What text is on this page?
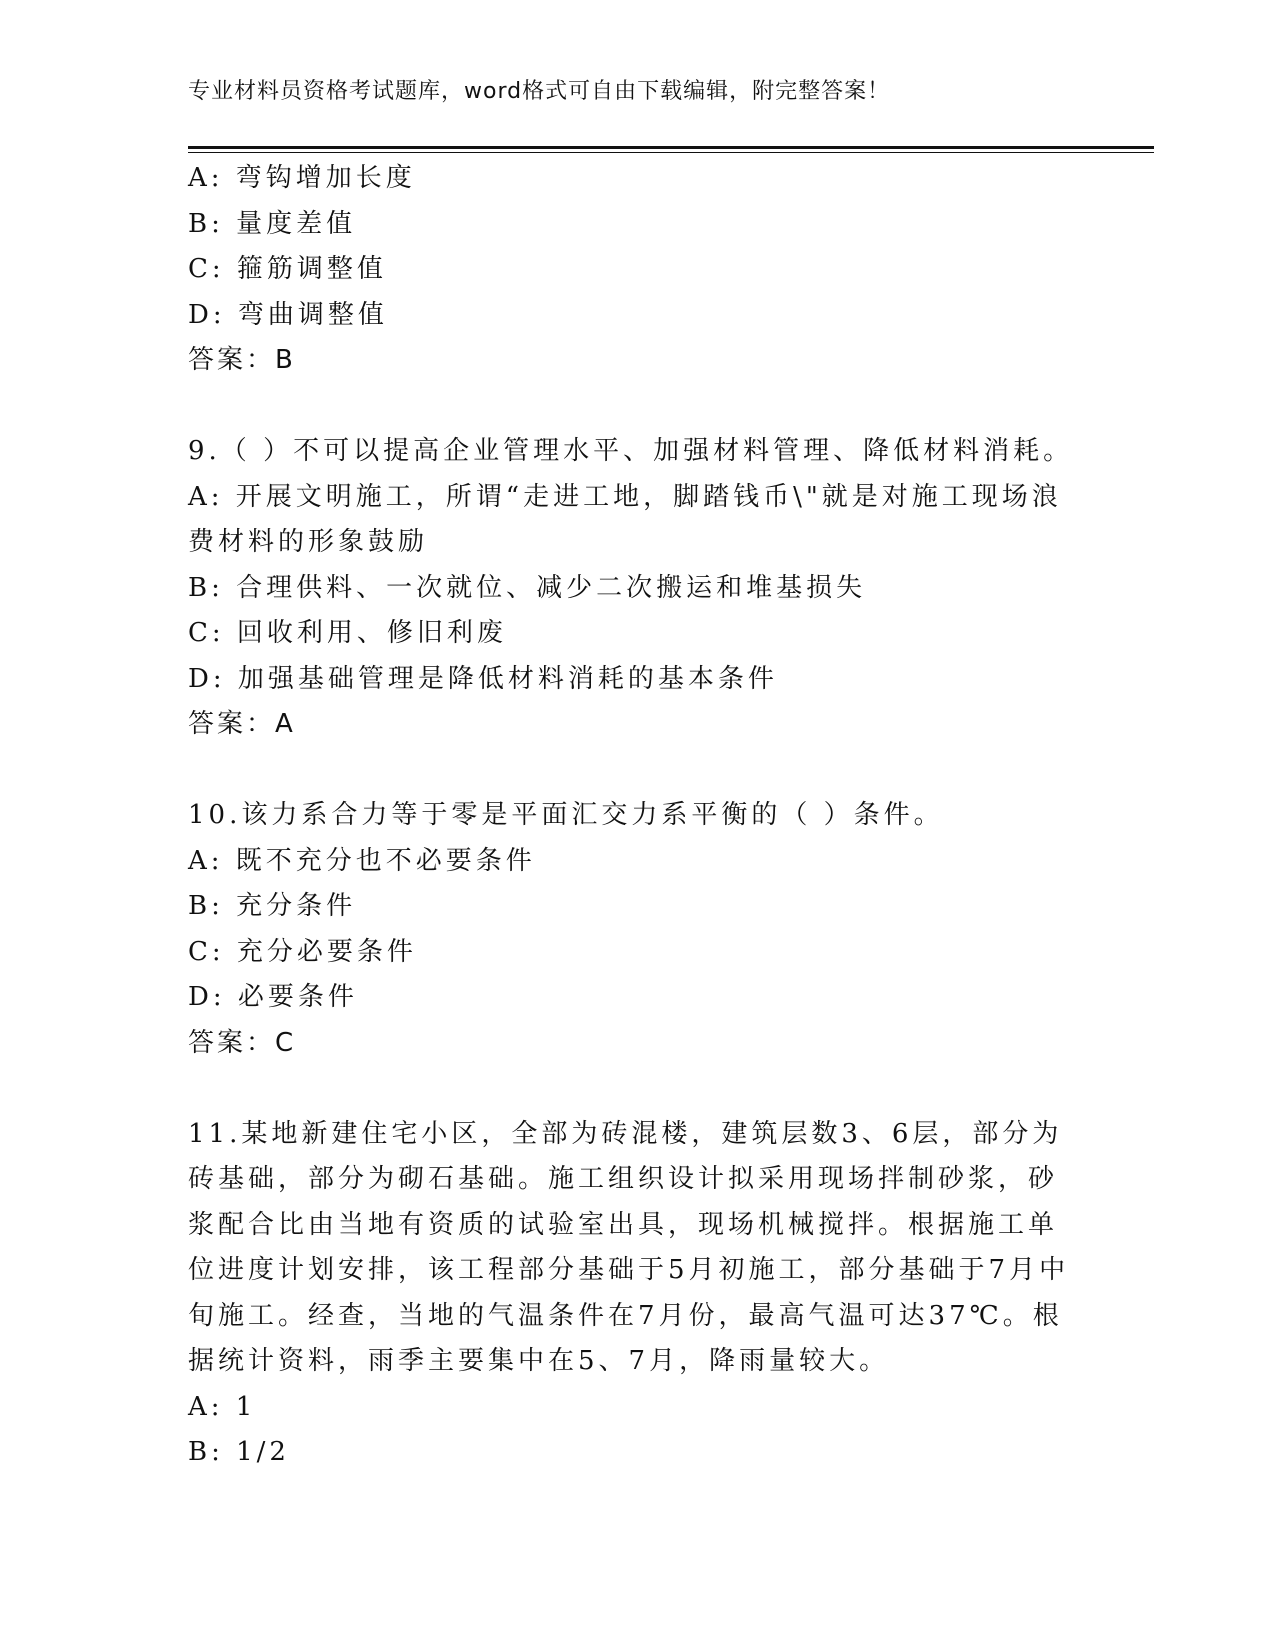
专业材料员资格考试题库，word格式可自由下载编辑，附完整答案！
A: 弯钩增加长度
B: 量度差值
C: 箍筋调整值
D: 弯曲调整值
答案：B
9.（ ）不可以提高企业管理水平、加强材料管理、降低材料消耗。
A: 开展文明施工，所谓“走进工地，脚踏钱币\"就是对施工现场浪费材料的形象鼓励
B: 合理供料、一次就位、减少二次搬运和堆基损失
C: 回收利用、修旧利废
D: 加强基础管理是降低材料消耗的基本条件
答案：A
10.该力系合力等于零是平面汇交力系平衡的（ ）条件。
A: 既不充分也不必要条件
B: 充分条件
C: 充分必要条件
D: 必要条件
答案：C
11.某地新建住宅小区，全部为砖混楼，建筑层数3、6层，部分为砖基础，部分为砌石基础。施工组织设计拟采用现场拌制砂浆，砂浆配合比由当地有资质的试验室出具，现场机械搅拌。根据施工单位进度计划安排，该工程部分基础于5月初施工，部分基础于7月中旬施工。经查，当地的气温条件在7月份，最高气温可达37℃。根据统计资料，雨季主要集中在5、7月，降雨量较大。
A: 1
B: 1/2
